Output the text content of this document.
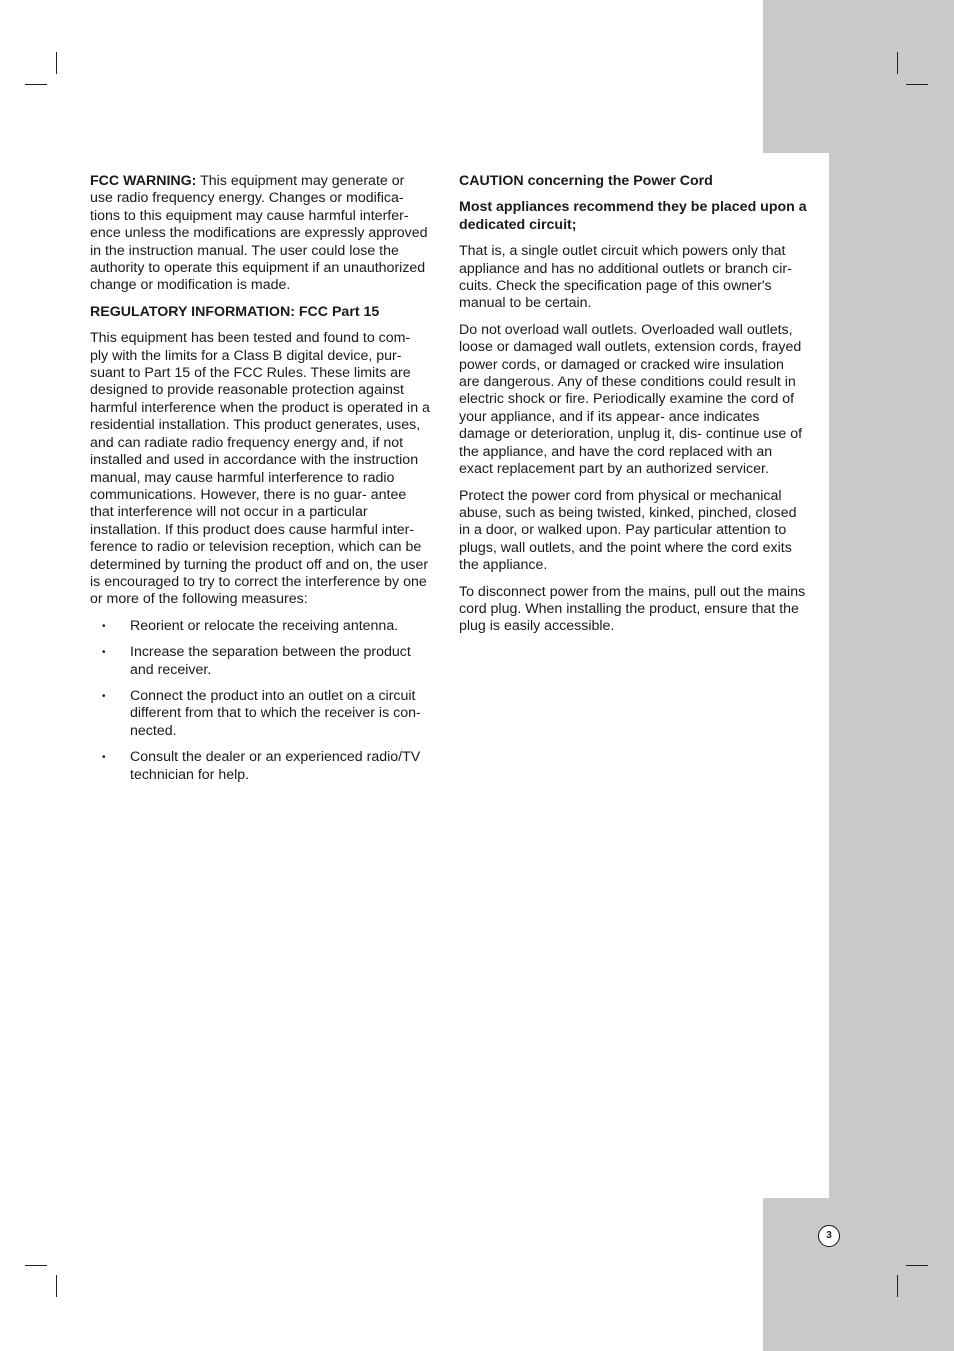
FCC WARNING: This equipment may generate or use radio frequency energy. Changes or modifica- tions to this equipment may cause harmful interfer- ence unless the modifications are expressly approved in the instruction manual. The user could lose the authority to operate this equipment if an unauthorized change or modification is made.

REGULATORY INFORMATION: FCC Part 15

This equipment has been tested and found to com- ply with the limits for a Class B digital device, pur- suant to Part 15 of the FCC Rules. These limits are designed to provide reasonable protection against harmful interference when the product is operated in a residential installation. This product generates, uses, and can radiate radio frequency energy and, if not installed and used in accordance with the instruction manual, may cause harmful interference to radio communications. However, there is no guar- antee that interference will not occur in a particular installation. If this product does cause harmful inter- ference to radio or television reception, which can be determined by turning the product off and on, the user is encouraged to try to correct the interference by one or more of the following measures:

• Reorient or relocate the receiving antenna.
• Increase the separation between the product and receiver.
• Connect the product into an outlet on a circuit different from that to which the receiver is con- nected.
• Consult the dealer or an experienced radio/TV technician for help.

CAUTION concerning the Power Cord

Most appliances recommend they be placed upon a dedicated circuit;

That is, a single outlet circuit which powers only that appliance and has no additional outlets or branch cir- cuits. Check the specification page of this owner's manual to be certain.

Do not overload wall outlets. Overloaded wall outlets, loose or damaged wall outlets, extension cords, frayed power cords, or damaged or cracked wire insulation are dangerous. Any of these conditions could result in electric shock or fire. Periodically examine the cord of your appliance, and if its appear- ance indicates damage or deterioration, unplug it, dis- continue use of the appliance, and have the cord replaced with an exact replacement part by an authorized servicer.

Protect the power cord from physical or mechanical abuse, such as being twisted, kinked, pinched, closed in a door, or walked upon. Pay particular attention to plugs, wall outlets, and the point where the cord exits the appliance.

To disconnect power from the mains, pull out the mains cord plug. When installing the product, ensure that the plug is easily accessible.

3
